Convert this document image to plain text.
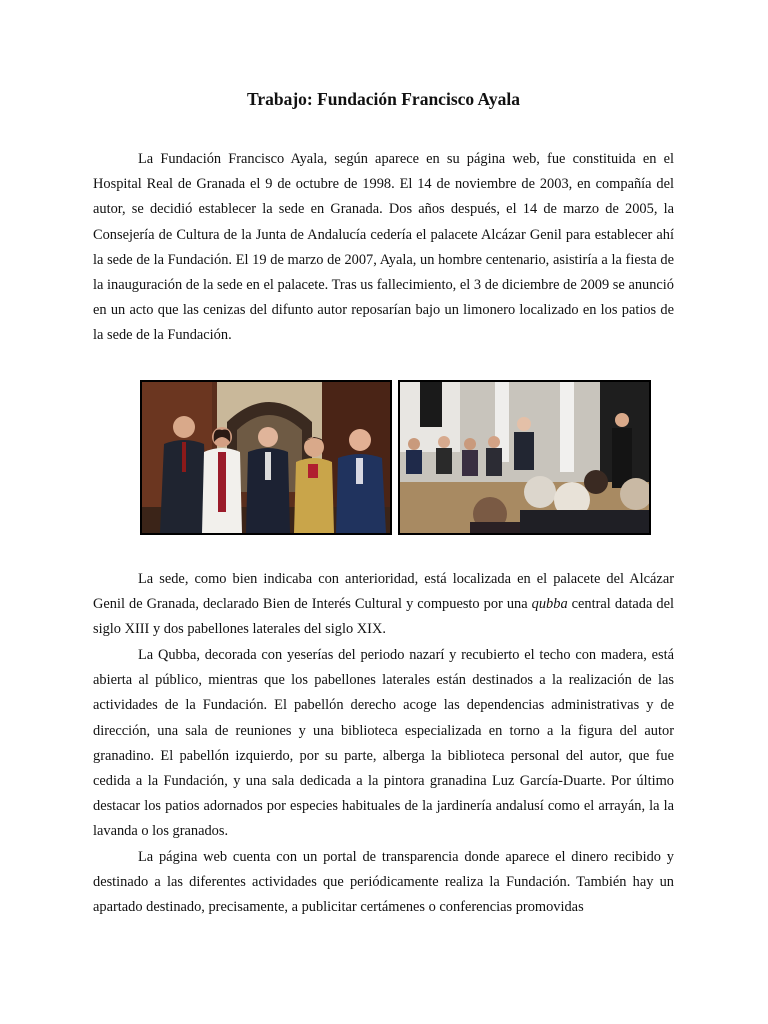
Trabajo: Fundación Francisco Ayala

La Fundación Francisco Ayala, según aparece en su página web, fue constituida en el Hospital Real de Granada el 9 de octubre de 1998. El 14 de noviembre de 2003, en compañía del autor, se decidió establecer la sede en Granada. Dos años después, el 14 de marzo de 2005, la Consejería de Cultura de la Junta de Andalucía cedería el palacete Alcázar Genil para establecer ahí la sede de la Fundación. El 19 de marzo de 2007, Ayala, un hombre centenario, asistiría a la fiesta de la inauguración de la sede en el palacete. Tras us fallecimiento, el 3 de diciembre de 2009 se anunció en un acto que las cenizas del difunto autor reposarían bajo un limonero localizado en los patios de la sede de la Fundación.

La sede, como bien indicaba con anterioridad, está localizada en el palacete del Alcázar Genil de Granada, declarado Bien de Interés Cultural y compuesto por una qubba central datada del siglo XIII y dos pabellones laterales del siglo XIX.

La Qubba, decorada con yeserías del periodo nazarí y recubierto el techo con madera, está abierta al público, mientras que los pabellones laterales están destinados a la realización de las actividades de la Fundación. El pabellón derecho acoge las dependencias administrativas y de dirección, una sala de reuniones y una biblioteca especializada en torno a la figura del autor granadino. El pabellón izquierdo, por su parte, alberga la biblioteca personal del autor, que fue cedida a la Fundación, y una sala dedicada a la pintora granadina Luz García-Duarte. Por último destacar los patios adornados por especies habituales de la jardinería andalusí como el arrayán, la la lavanda o los granados.

La página web cuenta con un portal de transparencia donde aparece el dinero recibido y destinado a las diferentes actividades que periódicamente realiza la Fundación. También hay un apartado destinado, precisamente, a publicitar certámenes o conferencias promovidas
